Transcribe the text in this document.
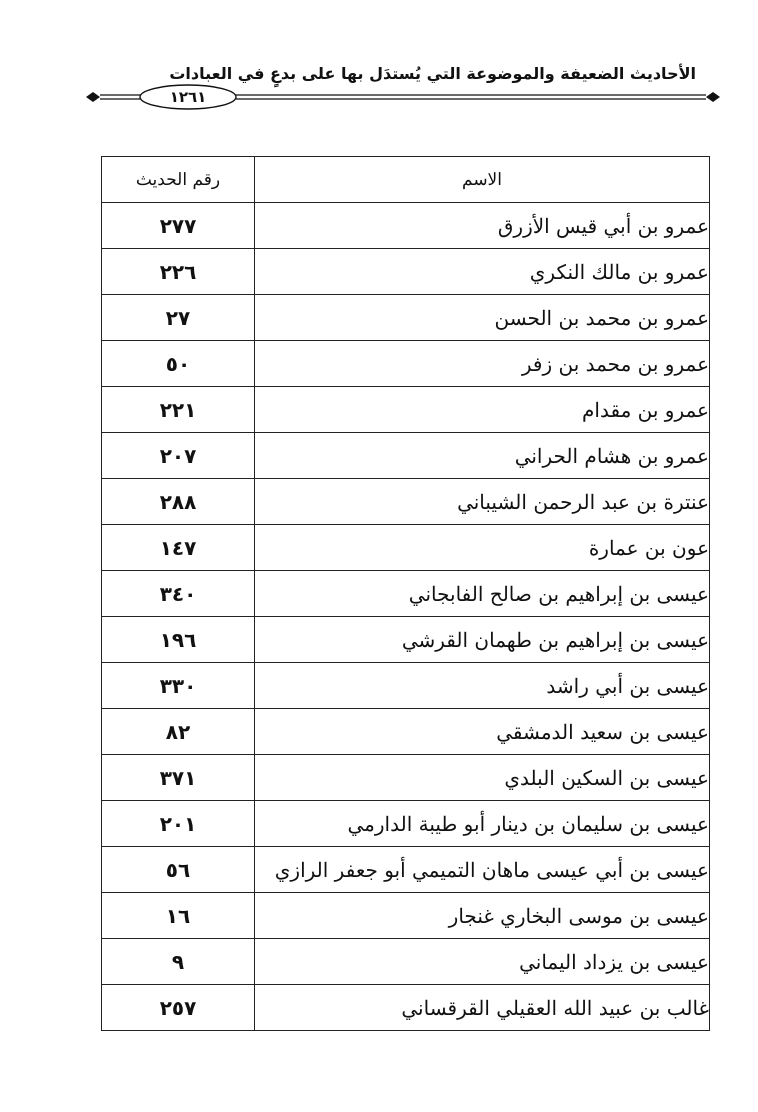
الأحاديث الضعيفة والموضوعة التي يُستدَل بها على بدعٍ في العبادات
١٢٦١
الاسم	رقم الحديث
عمرو بن أبي قيس الأزرق	٢٧٧
عمرو بن مالك النكري	٢٢٦
عمرو بن محمد بن الحسن	٢٧
عمرو بن محمد بن زفر	٥٠
عمرو بن مقدام	٢٢١
عمرو بن هشام الحراني	٢٠٧
عنترة بن عبد الرحمن الشيباني	٢٨٨
عون بن عمارة	١٤٧
عيسى بن إبراهيم بن صالح الفابجاني	٣٤٠
عيسى بن إبراهيم بن طهمان القرشي	١٩٦
عيسى بن أبي راشد	٣٣٠
عيسى بن سعيد الدمشقي	٨٢
عيسى بن السكين البلدي	٣٧١
عيسى بن سليمان بن دينار أبو طيبة الدارمي	٢٠١
عيسى بن أبي عيسى ماهان التميمي أبو جعفر الرازي	٥٦
عيسى بن موسى البخاري غنجار	١٦
عيسى بن يزداد اليماني	٩
غالب بن عبيد الله العقيلي القرقساني	٢٥٧
